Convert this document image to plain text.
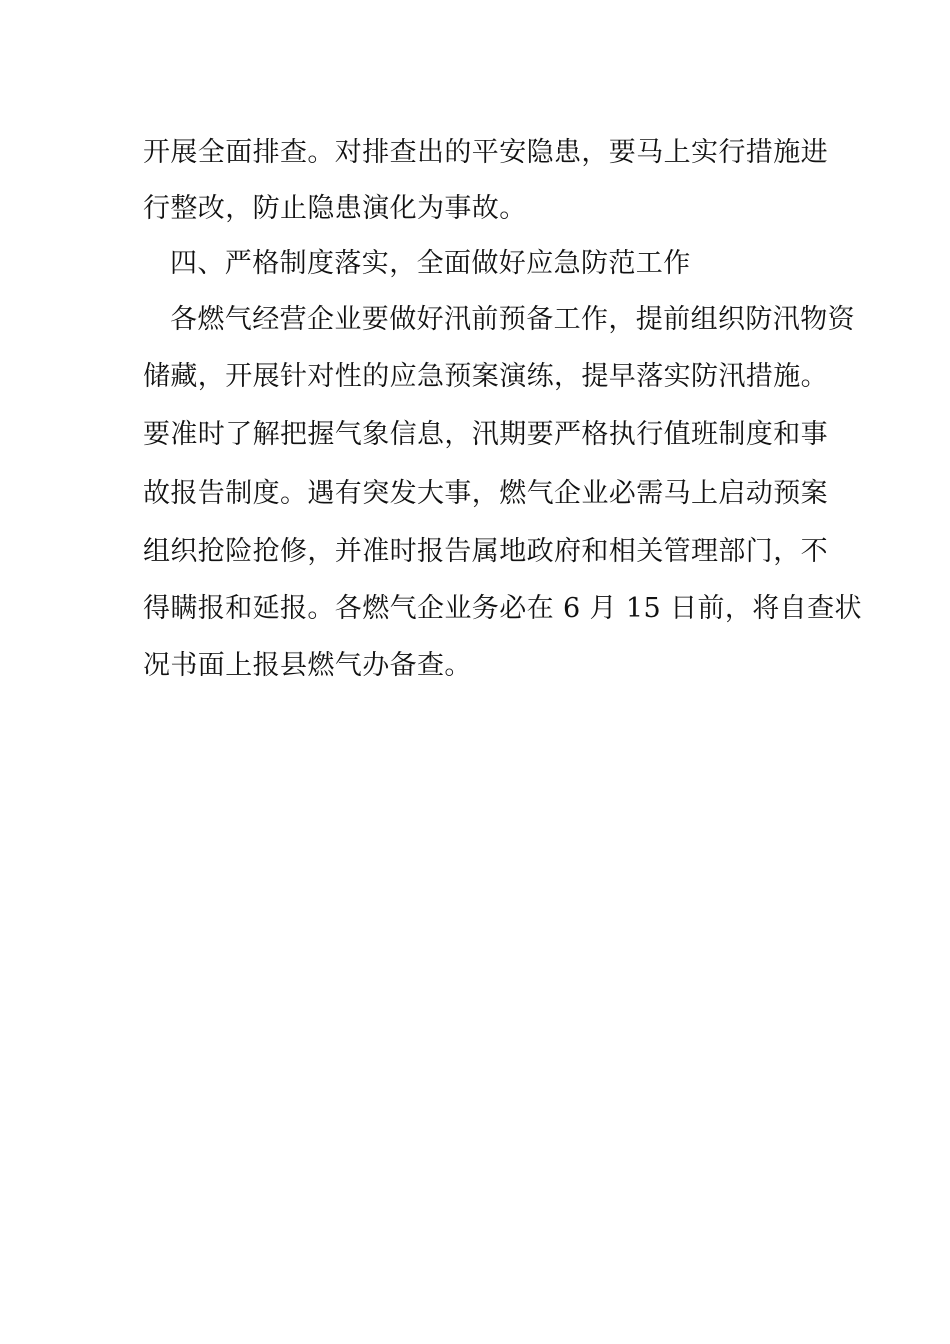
开展全面排查。对排查出的平安隐患，要马上实行措施进
行整改，防止隐患演化为事故。
四、严格制度落实，全面做好应急防范工作
各燃气经营企业要做好汛前预备工作，提前组织防汛物资
储藏，开展针对性的应急预案演练，提早落实防汛措施。
要准时了解把握气象信息，汛期要严格执行值班制度和事
故报告制度。遇有突发大事，燃气企业必需马上启动预案
组织抢险抢修，并准时报告属地政府和相关管理部门，不
得瞒报和延报。各燃气企业务必在 6 月 15 日前，将自查状
况书面上报县燃气办备查。
